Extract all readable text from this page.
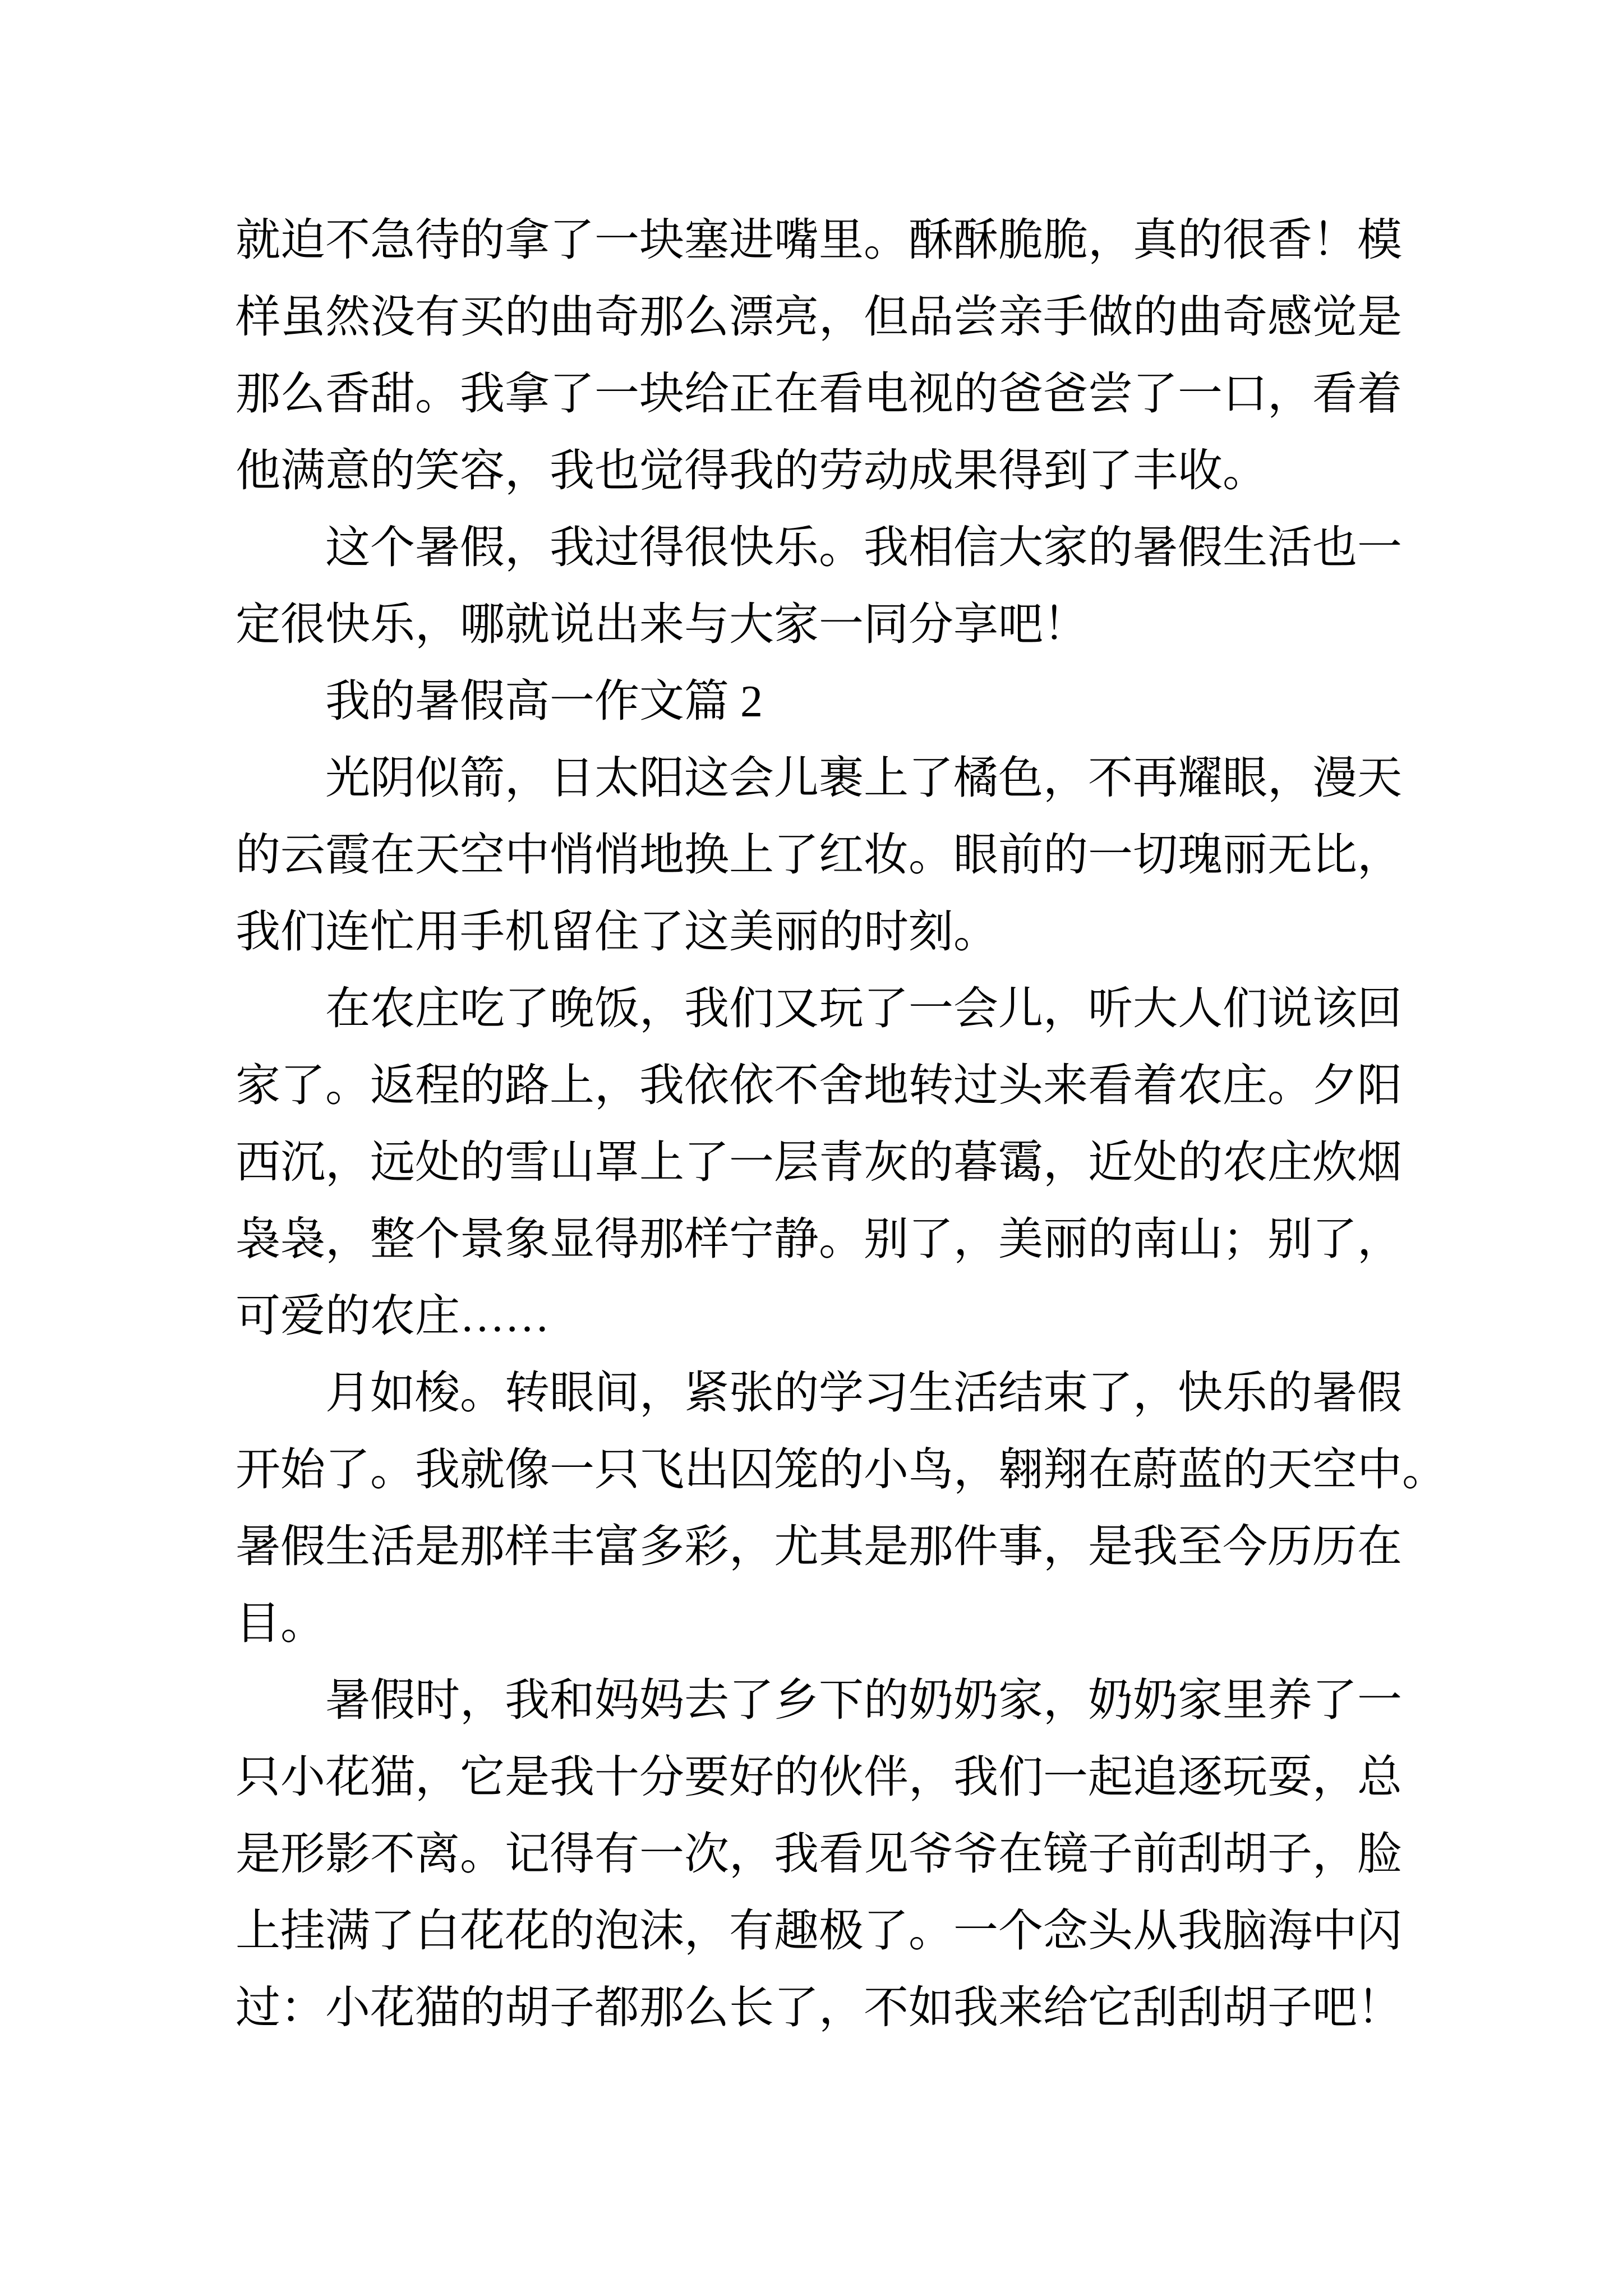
就迫不急待的拿了一块塞进嘴里。酥酥脆脆，真的很香！模
样虽然没有买的曲奇那么漂亮，但品尝亲手做的曲奇感觉是
那么香甜。我拿了一块给正在看电视的爸爸尝了一口，看着
他满意的笑容，我也觉得我的劳动成果得到了丰收。
这个暑假，我过得很快乐。我相信大家的暑假生活也一
定很快乐，哪就说出来与大家一同分享吧！
我的暑假高一作文篇 2
光阴似箭，日太阳这会儿裹上了橘色，不再耀眼，漫天
的云霞在天空中悄悄地换上了红妆。眼前的一切瑰丽无比，
我们连忙用手机留住了这美丽的时刻。
在农庄吃了晚饭，我们又玩了一会儿，听大人们说该回
家了。返程的路上，我依依不舍地转过头来看着农庄。夕阳
西沉，远处的雪山罩上了一层青灰的暮霭，近处的农庄炊烟
袅袅，整个景象显得那样宁静。别了，美丽的南山；别了，
可爱的农庄……
月如梭。转眼间，紧张的学习生活结束了，快乐的暑假
开始了。我就像一只飞出囚笼的小鸟，翱翔在蔚蓝的天空中。
暑假生活是那样丰富多彩，尤其是那件事，是我至今历历在
目。
暑假时，我和妈妈去了乡下的奶奶家，奶奶家里养了一
只小花猫，它是我十分要好的伙伴，我们一起追逐玩耍，总
是形影不离。记得有一次，我看见爷爷在镜子前刮胡子，脸
上挂满了白花花的泡沫，有趣极了。一个念头从我脑海中闪
过：小花猫的胡子都那么长了，不如我来给它刮刮胡子吧！
